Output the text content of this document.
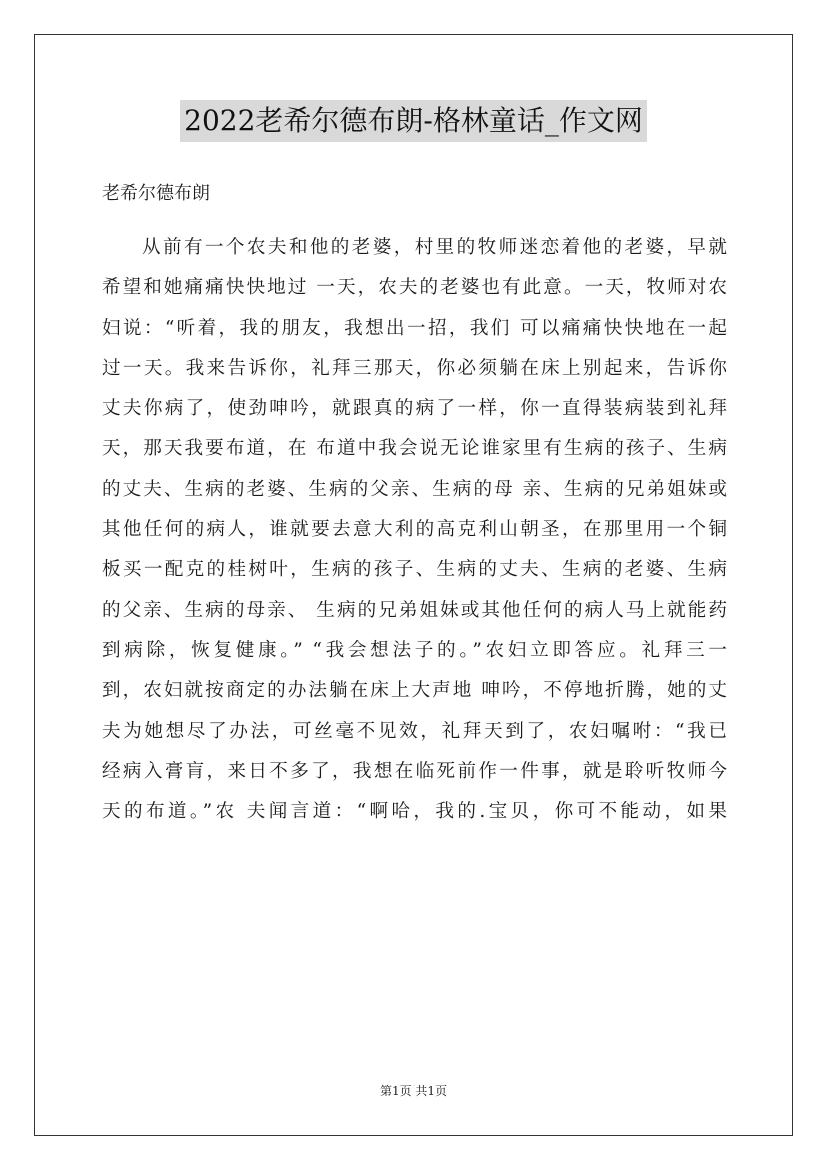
2022老希尔德布朗-格林童话_作文网
老希尔德布朗
从前有一个农夫和他的老婆，村里的牧师迷恋着他的老婆，早就
希望和她痛痛快快地过 一天，农夫的老婆也有此意。一天，牧师对农
妇说：“听着，我的朋友，我想出一招，我们 可以痛痛快快地在一起
过一天。我来告诉你，礼拜三那天，你必须躺在床上别起来，告诉你
丈夫你病了，使劲呻吟，就跟真的病了一样，你一直得装病装到礼拜
天，那天我要布道，在 布道中我会说无论谁家里有生病的孩子、生病
的丈夫、生病的老婆、生病的父亲、生病的母 亲、生病的兄弟姐妹或
其他任何的病人，谁就要去意大利的高克利山朝圣，在那里用一个铜
板买一配克的桂树叶，生病的孩子、生病的丈夫、生病的老婆、生病
的父亲、生病的母亲、 生病的兄弟姐妹或其他任何的病人马上就能药
到病除，恢复健康。” “我会想法子的。”农妇立即答应。礼拜三一
到，农妇就按商定的办法躺在床上大声地 呻吟，不停地折腾，她的丈
夫为她想尽了办法，可丝毫不见效，礼拜天到了，农妇嘱咐：“我已
经病入膏肓，来日不多了，我想在临死前作一件事，就是聆听牧师今
天的布道。”农 夫闻言道：“啊哈，我的.宝贝，你可不能动，如果
第1页 共1页
